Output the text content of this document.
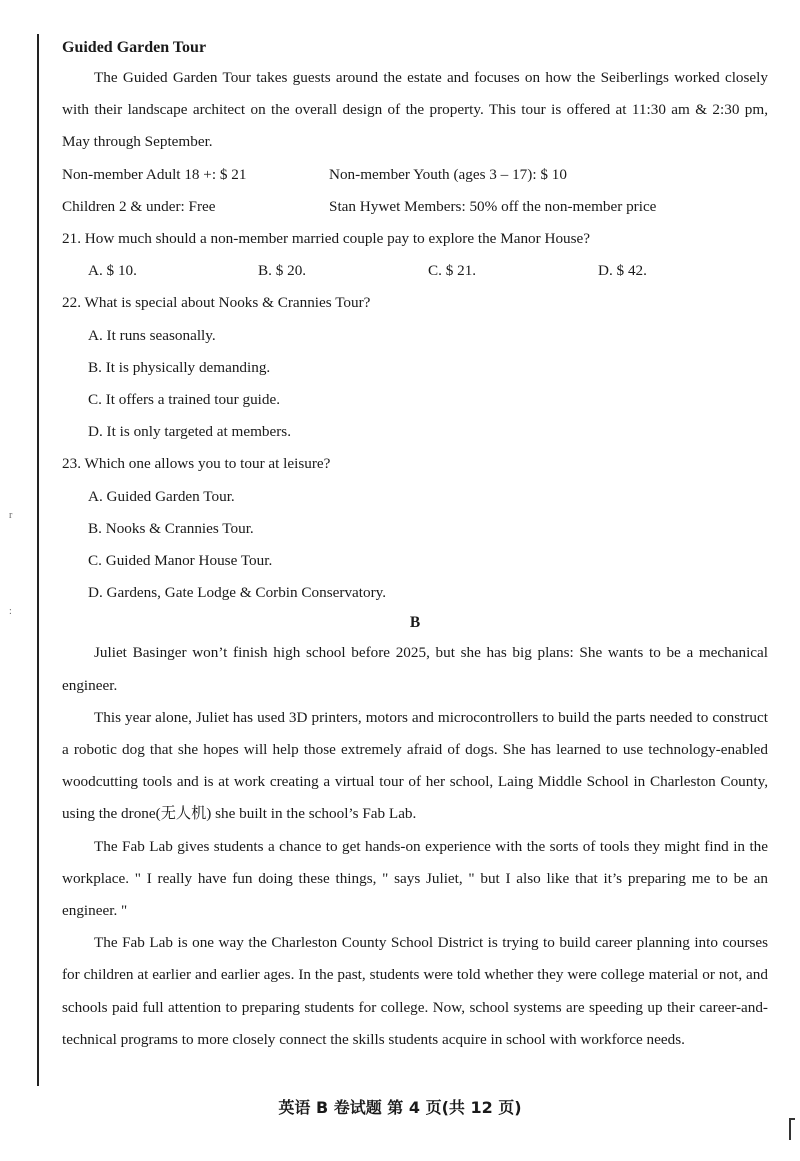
r
:
Guided Garden Tour

The Guided Garden Tour takes guests around the estate and focuses on how the Seiberlings worked closely with their landscape architect on the overall design of the property. This tour is offered at 11:30 am & 2:30 pm, May through September.

Non-member Adult 18 +: $ 21	Non-member Youth (ages 3 – 17): $ 10
Children 2 & under: Free	Stan Hywet Members: 50% off the non-member price

21. How much should a non-member married couple pay to explore the Manor House?

A. $ 10.	B. $ 20.	C. $ 21.	D. $ 42.

22. What is special about Nooks & Crannies Tour?

A. It runs seasonally.
B. It is physically demanding.
C. It offers a trained tour guide.
D. It is only targeted at members.

23. Which one allows you to tour at leisure?

A. Guided Garden Tour.
B. Nooks & Crannies Tour.
C. Guided Manor House Tour.
D. Gardens, Gate Lodge & Corbin Conservatory.
B

Juliet Basinger won’t finish high school before 2025, but she has big plans: She wants to be a mechanical engineer.

This year alone, Juliet has used 3D printers, motors and microcontrollers to build the parts needed to construct a robotic dog that she hopes will help those extremely afraid of dogs. She has learned to use technology-enabled woodcutting tools and is at work creating a virtual tour of her school, Laing Middle School in Charleston County, using the drone(无人机) she built in the school’s Fab Lab.

The Fab Lab gives students a chance to get hands-on experience with the sorts of tools they might find in the workplace. " I really have fun doing these things, " says Juliet, " but I also like that it’s preparing me to be an engineer. "

The Fab Lab is one way the Charleston County School District is trying to build career planning into courses for children at earlier and earlier ages. In the past, students were told whether they were college material or not, and schools paid full attention to preparing students for college. Now, school systems are speeding up their career-and-technical programs to more closely connect the skills students acquire in school with workforce needs.

英语 B 卷试题 第 4 页(共 12 页)
